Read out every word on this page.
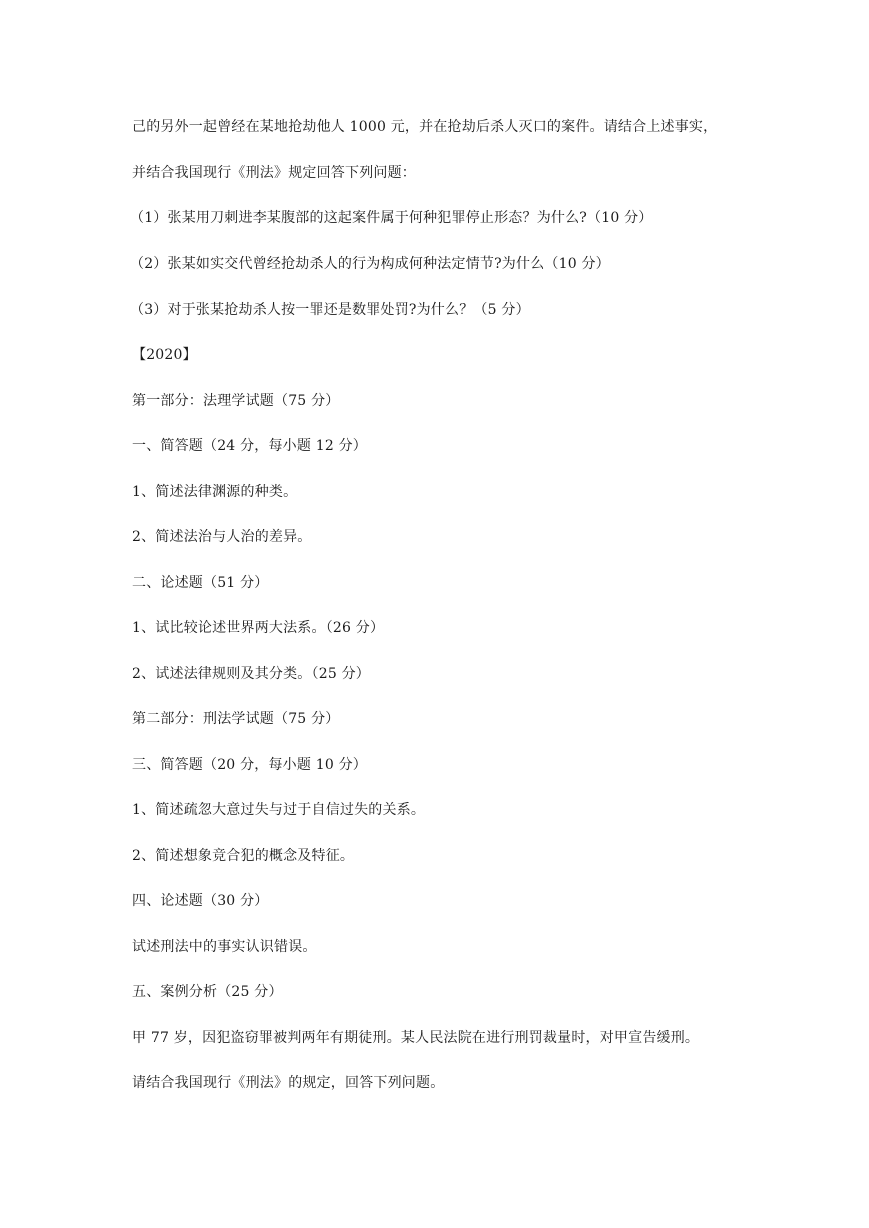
己的另外一起曾经在某地抢劫他人 1000 元，并在抢劫后杀人灭口的案件。请结合上述事实，
并结合我国现行《刑法》规定回答下列问题：
（1）张某用刀刺进李某腹部的这起案件属于何种犯罪停止形态？为什么?（10 分）
（2）张某如实交代曾经抢劫杀人的行为构成何种法定情节?为什么（10 分）
（3）对于张某抢劫杀人按一罪还是数罪处罚?为什么？（5 分）
【2020】
第一部分：法理学试题（75 分）
一、简答题（24 分，每小题 12 分）
1、简述法律渊源的种类。
2、简述法治与人治的差异。
二、论述题（51 分）
1、试比较论述世界两大法系。（26 分）
2、试述法律规则及其分类。（25 分）
第二部分：刑法学试题（75 分）
三、简答题（20 分，每小题 10 分）
1、简述疏忽大意过失与过于自信过失的关系。
2、简述想象竞合犯的概念及特征。
四、论述题（30 分）
试述刑法中的事实认识错误。
五、案例分析（25 分）
甲 77 岁，因犯盗窃罪被判两年有期徒刑。某人民法院在进行刑罚裁量时，对甲宣告缓刑。
请结合我国现行《刑法》的规定，回答下列问题。
